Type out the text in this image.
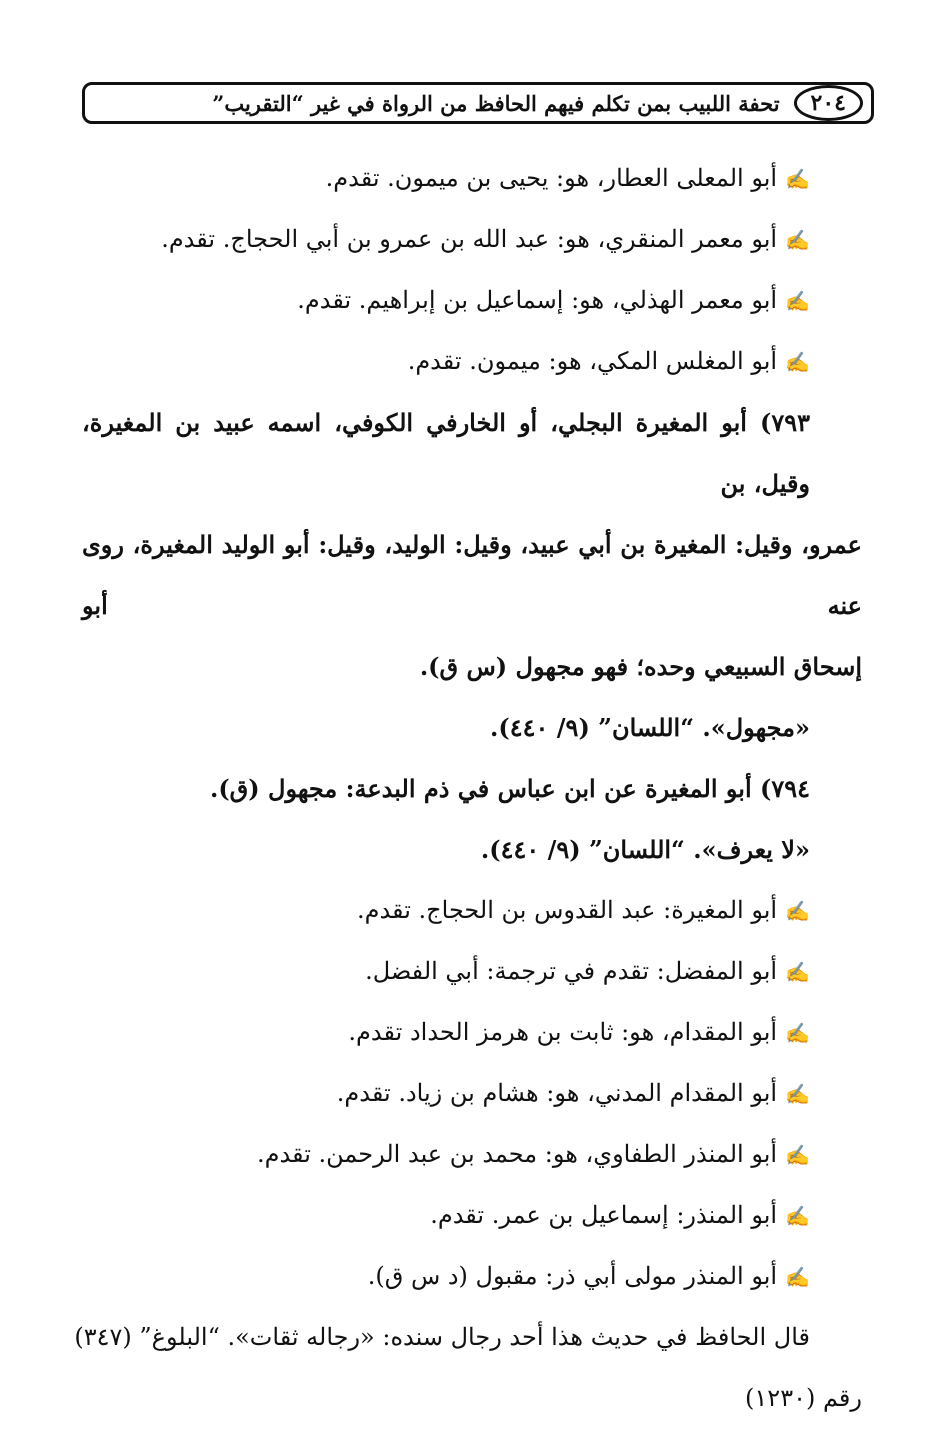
٢٠٤
تحفة اللبيب بمن تكلم فيهم الحافظ من الرواة في غير “التقريب”
✍أبو المعلى العطار، هو: يحيى بن ميمون. تقدم.
✍أبو معمر المنقري، هو: عبد الله بن عمرو بن أبي الحجاج. تقدم.
✍أبو معمر الهذلي، هو: إسماعيل بن إبراهيم. تقدم.
✍أبو المغلس المكي، هو: ميمون. تقدم.
٧٩٣) أبو المغيرة البجلي، أو الخارفي الكوفي، اسمه عبيد بن المغيرة، وقيل، بن
عمرو، وقيل: المغيرة بن أبي عبيد، وقيل: الوليد، وقيل: أبو الوليد المغيرة، روى عنه أبو
إسحاق السبيعي وحده؛ فهو مجهول (س ق).
«مجهول». “اللسان” (٩/ ٤٤٠).
٧٩٤) أبو المغيرة عن ابن عباس في ذم البدعة: مجهول (ق).
«لا يعرف». “اللسان” (٩/ ٤٤٠).
✍أبو المغيرة: عبد القدوس بن الحجاج. تقدم.
✍أبو المفضل: تقدم في ترجمة: أبي الفضل.
✍أبو المقدام، هو: ثابت بن هرمز الحداد تقدم.
✍أبو المقدام المدني، هو: هشام بن زياد. تقدم.
✍أبو المنذر الطفاوي، هو: محمد بن عبد الرحمن. تقدم.
✍أبو المنذر: إسماعيل بن عمر. تقدم.
✍أبو المنذر مولى أبي ذر: مقبول (د س ق).
قال الحافظ في حديث هذا أحد رجال سنده: «رجاله ثقات». “البلوغ” (٣٤٧)
رقم (١٢٣٠)
